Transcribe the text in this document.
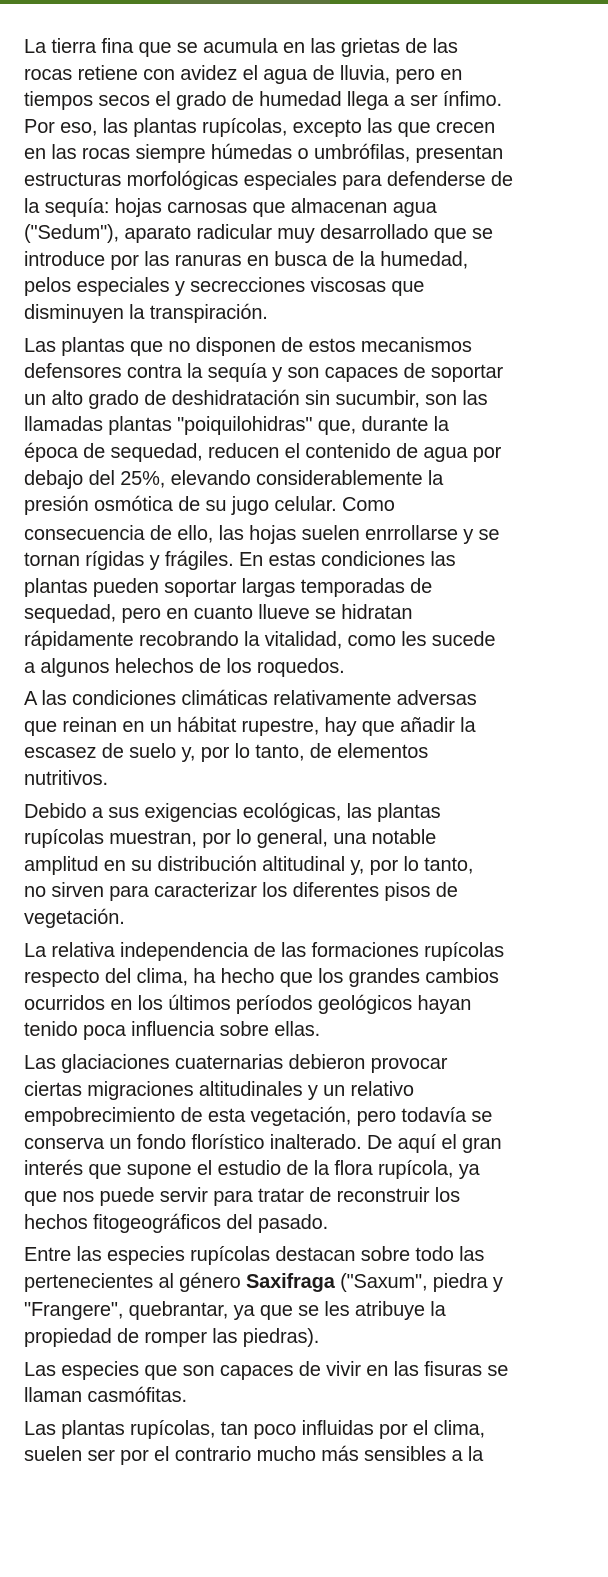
La tierra fina que se acumula en las grietas de las
rocas retiene con avidez el agua de lluvia, pero en
tiempos secos el grado de humedad llega a ser ínfimo.
Por eso, las plantas rupícolas, excepto las que crecen
en las rocas siempre húmedas o umbrófilas, presentan
estructuras morfológicas especiales para defenderse de
la sequía: hojas carnosas que almacenan agua
("Sedum"), aparato radicular muy desarrollado que se
introduce por las ranuras en busca de la humedad,
pelos especiales y secrecciones viscosas que
disminuyen la transpiración.

Las plantas que no disponen de estos mecanismos
defensores contra la sequía y son capaces de soportar
un alto grado de deshidratación sin sucumbir, son las
llamadas plantas "poiquilohidras" que, durante la
época de sequedad, reducen el contenido de agua por
debajo del 25%, elevando considerablemente la
presión osmótica de su jugo celular. Como

consecuencia de ello, las hojas suelen enrrollarse y se
tornan rígidas y frágiles. En estas condiciones las
plantas pueden soportar largas temporadas de
sequedad, pero en cuanto llueve se hidratan
rápidamente recobrando la vitalidad, como les sucede
a algunos helechos de los roquedos.

A las condiciones climáticas relativamente adversas
que reinan en un hábitat rupestre, hay que añadir la
escasez de suelo y, por lo tanto, de elementos
nutritivos.

Debido a sus exigencias ecológicas, las plantas
rupícolas muestran, por lo general, una notable
amplitud en su distribución altitudinal y, por lo tanto,
no sirven para caracterizar los diferentes pisos de
vegetación.

La relativa independencia de las formaciones rupícolas
respecto del clima, ha hecho que los grandes cambios
ocurridos en los últimos períodos geológicos hayan
tenido poca influencia sobre ellas.

Las glaciaciones cuaternarias debieron provocar
ciertas migraciones altitudinales y un relativo
empobrecimiento de esta vegetación, pero todavía se
conserva un fondo florístico inalterado. De aquí el gran
interés que supone el estudio de la flora rupícola, ya
que nos puede servir para tratar de reconstruir los
hechos fitogeográficos del pasado.

Entre las especies rupícolas destacan sobre todo las
pertenecientes al género Saxifraga ("Saxum", piedra y

"Frangere", quebrantar, ya que se les atribuye la
propiedad de romper las piedras).

Las especies que son capaces de vivir en las fisuras se
llaman casmófitas.

Las plantas rupícolas, tan poco influidas por el clima,
suelen ser por el contrario mucho más sensibles a la
